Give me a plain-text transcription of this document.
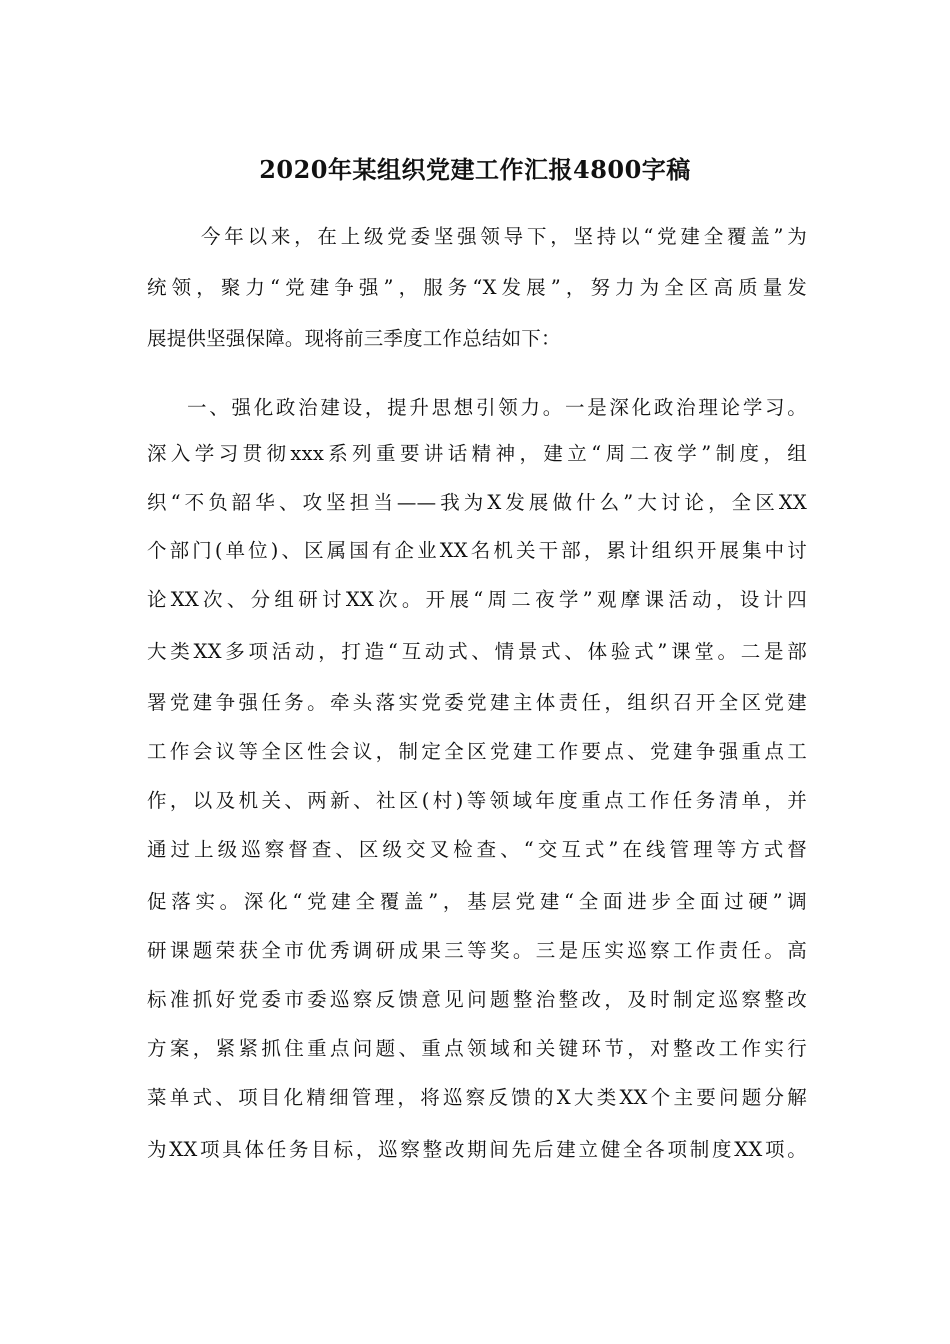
2020年某组织党建工作汇报4800字稿
今年以来，在上级党委坚强领导下，坚持以“党建全覆盖”为
统领，聚力“党建争强”，服务“X发展”，努力为全区高质量发
展提供坚强保障。现将前三季度工作总结如下：
一、强化政治建设，提升思想引领力。一是深化政治理论学习。
深入学习贯彻xxx系列重要讲话精神，建立“周二夜学”制度，组
织“不负韶华、攻坚担当——我为X发展做什么”大讨论，全区XX
个部门(单位)、区属国有企业XX名机关干部，累计组织开展集中讨
论XX次、分组研讨XX次。开展“周二夜学”观摩课活动，设计四
大类XX多项活动，打造“互动式、情景式、体验式”课堂。二是部
署党建争强任务。牵头落实党委党建主体责任，组织召开全区党建
工作会议等全区性会议，制定全区党建工作要点、党建争强重点工
作，以及机关、两新、社区(村)等领域年度重点工作任务清单，并
通过上级巡察督查、区级交叉检查、“交互式”在线管理等方式督
促落实。深化“党建全覆盖”，基层党建“全面进步全面过硬”调
研课题荣获全市优秀调研成果三等奖。三是压实巡察工作责任。高
标准抓好党委市委巡察反馈意见问题整治整改，及时制定巡察整改
方案，紧紧抓住重点问题、重点领域和关键环节，对整改工作实行
菜单式、项目化精细管理，将巡察反馈的X大类XX个主要问题分解
为XX项具体任务目标，巡察整改期间先后建立健全各项制度XX项。
